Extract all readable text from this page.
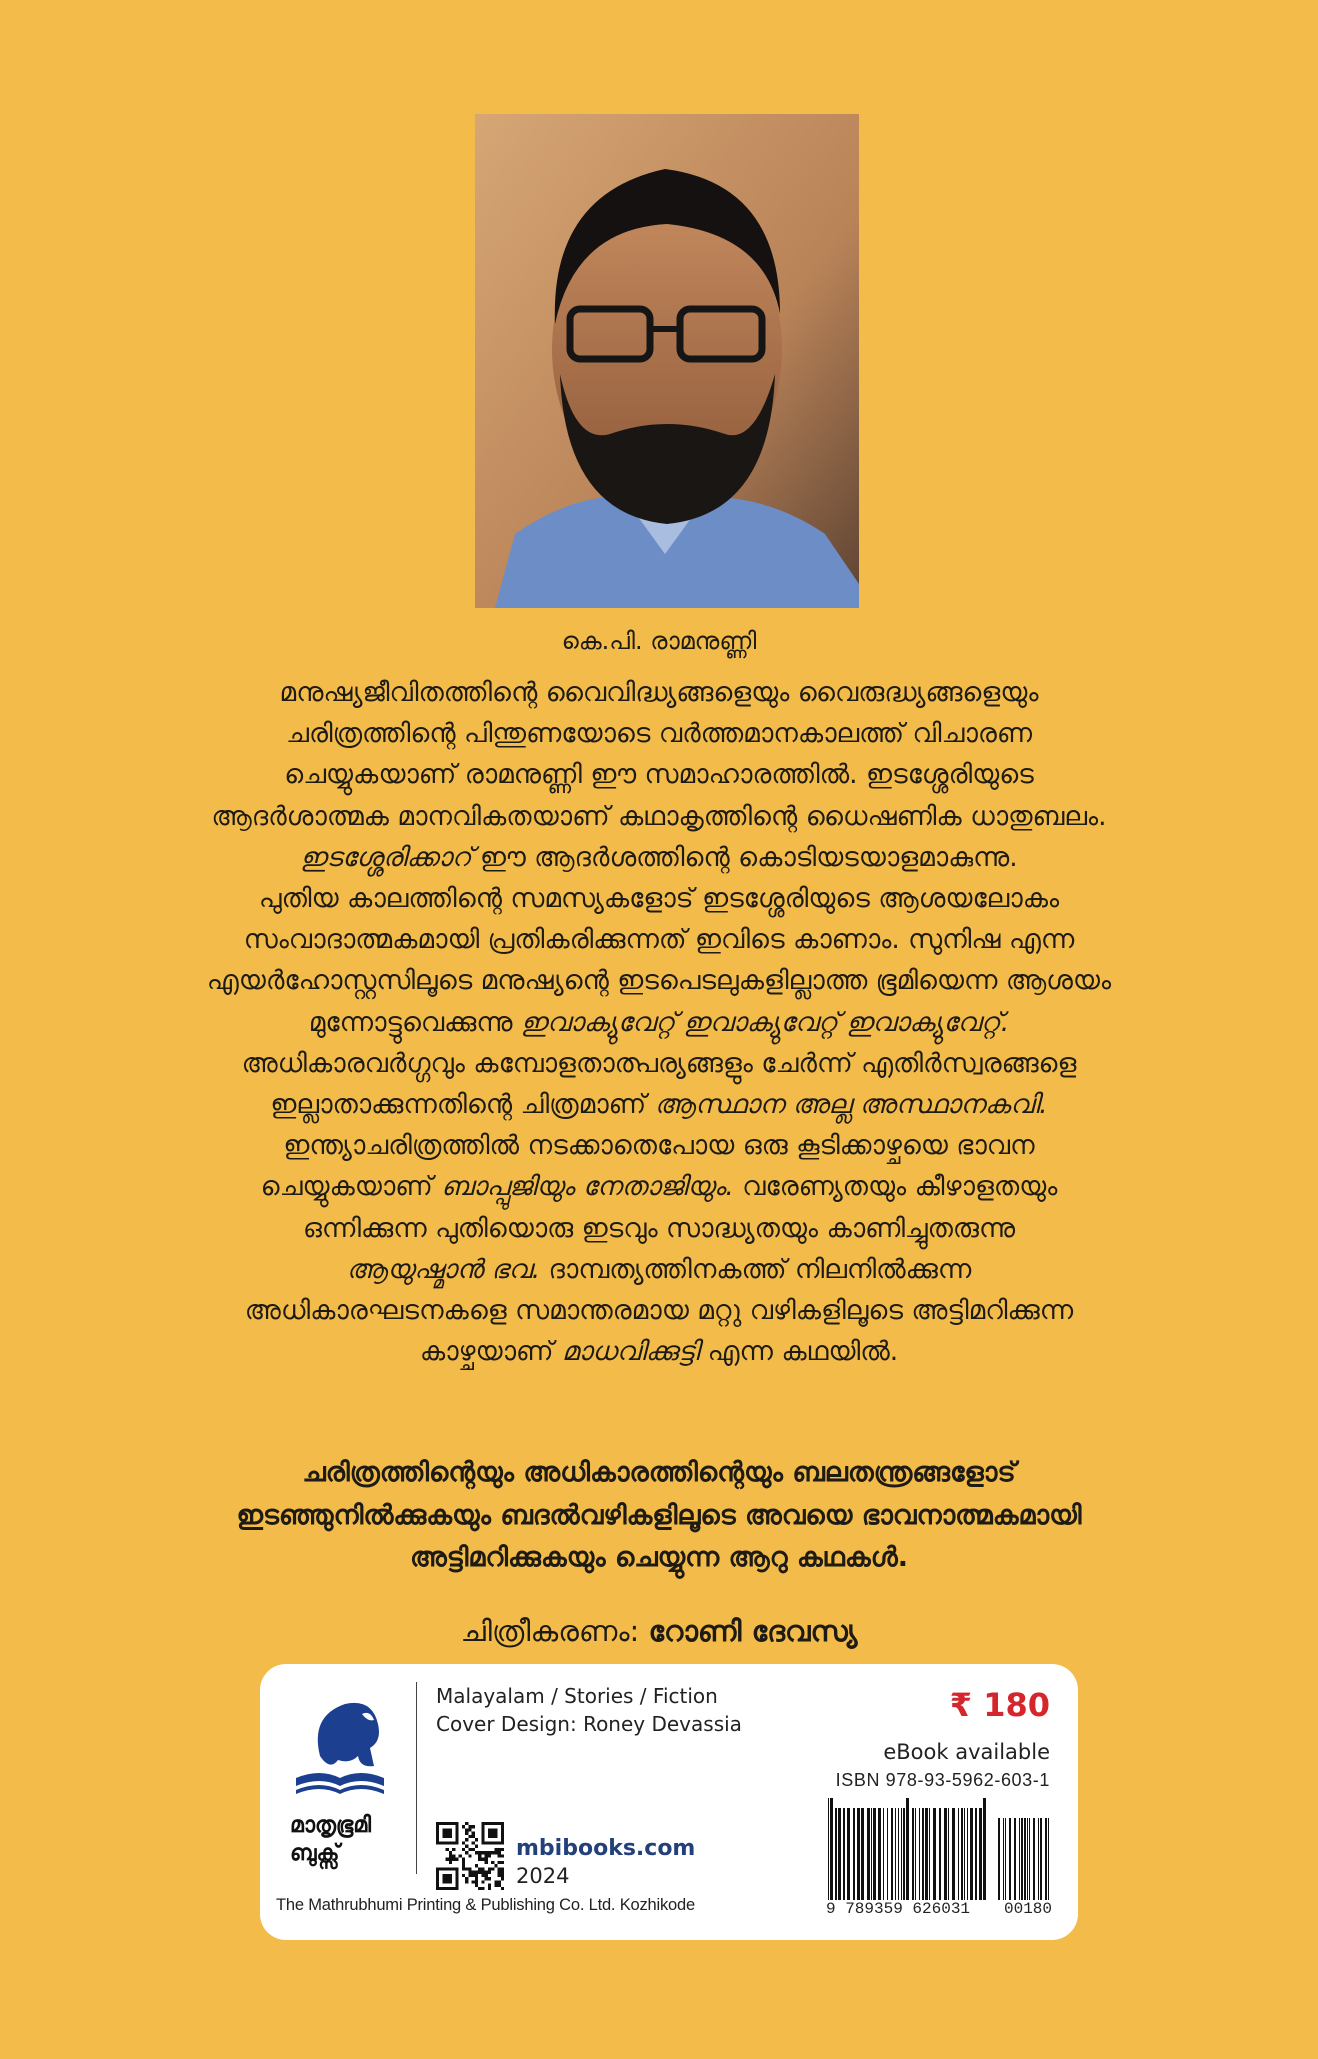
കെ.പി. രാമനുണ്ണി

മനുഷ്യജീവിതത്തിന്റെ വൈവിദ്ധ്യങ്ങളെയും വൈരുദ്ധ്യങ്ങളെയും

ചരിത്രത്തിന്റെ പിന്തുണയോടെ വർത്തമാനകാലത്ത് വിചാരണ

ചെയ്യുകയാണ് രാമനുണ്ണി ഈ സമാഹാരത്തിൽ. ഇടശ്ശേരിയുടെ

ആദർശാത്മക മാനവികതയാണ് കഥാകൃത്തിന്റെ ധൈഷണിക ധാതുബലം.

ഇടശ്ശേരിക്കാറ് ഈ ആദർശത്തിന്റെ കൊടിയടയാളമാകുന്നു.

പുതിയ കാലത്തിന്റെ സമസ്യകളോട് ഇടശ്ശേരിയുടെ ആശയലോകം

സംവാദാത്മകമായി പ്രതികരിക്കുന്നത് ഇവിടെ കാണാം. സുനിഷ എന്ന

എയർഹോസ്റ്റസിലൂടെ മനുഷ്യന്റെ ഇടപെടലുകളില്ലാത്ത ഭൂമിയെന്ന ആശയം

മുന്നോട്ടുവെക്കുന്നു ഇവാക്യുവേറ്റ് ഇവാക്യുവേറ്റ് ഇവാക്യുവേറ്റ്.

അധികാരവർഗ്ഗവും കമ്പോളതാത്പര്യങ്ങളും ചേർന്ന് എതിർസ്വരങ്ങളെ

ഇല്ലാതാക്കുന്നതിന്റെ ചിത്രമാണ് ആസ്ഥാന അല്ല അസ്ഥാനകവി.

ഇന്ത്യാചരിത്രത്തിൽ നടക്കാതെപോയ ഒരു കൂടിക്കാഴ്ചയെ ഭാവന

ചെയ്യുകയാണ് ബാപ്പുജിയും നേതാജിയും. വരേണ്യതയും കീഴാളതയും

ഒന്നിക്കുന്ന പുതിയൊരു ഇടവും സാദ്ധ്യതയും കാണിച്ചുതരുന്നു

ആയുഷ്മാൻ ഭവ. ദാമ്പത്യത്തിനകത്ത് നിലനിൽക്കുന്ന

അധികാരഘടനകളെ സമാന്തരമായ മറ്റു വഴികളിലൂടെ അട്ടിമറിക്കുന്ന

കാഴ്ചയാണ് മാധവിക്കുട്ടി എന്ന കഥയിൽ.

ചരിത്രത്തിന്റെയും അധികാരത്തിന്റെയും ബലതന്ത്രങ്ങളോട്

ഇടഞ്ഞുനിൽക്കുകയും ബദൽവഴികളിലൂടെ അവയെ ഭാവനാത്മകമായി

അട്ടിമറിക്കുകയും ചെയ്യുന്ന ആറു കഥകൾ.

ചിത്രീകരണം: റോണി ദേവസ്യ
മാതൃഭൂമി
ബുക്സ്
Malayalam / Stories / Fiction
Cover Design: Roney Devassia
mbibooks.com
2024
The Mathrubhumi Printing & Publishing Co. Ltd. Kozhikode
₹ 180
eBook available
ISBN 978-93-5962-603-1
9 789359 626031 00180
